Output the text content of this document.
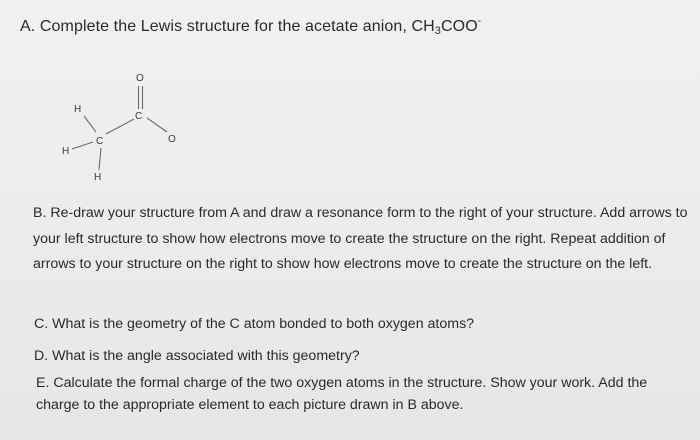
A. Complete the Lewis structure for the acetate anion, $CH_3COO^-$
H
H
H
C
C
O
O
B. Re-draw your structure from A and draw a resonance form to the right of your structure. Add arrows to your left structure to show how electrons move to create the structure on the right. Repeat addition of arrows to your structure on the right to show how electrons move to create the structure on the left.
C. What is the geometry of the C atom bonded to both oxygen atoms?
D. What is the angle associated with this geometry?
E. Calculate the formal charge of the two oxygen atoms in the structure. Show your work. Add the charge to the appropriate element to each picture drawn in B above.
